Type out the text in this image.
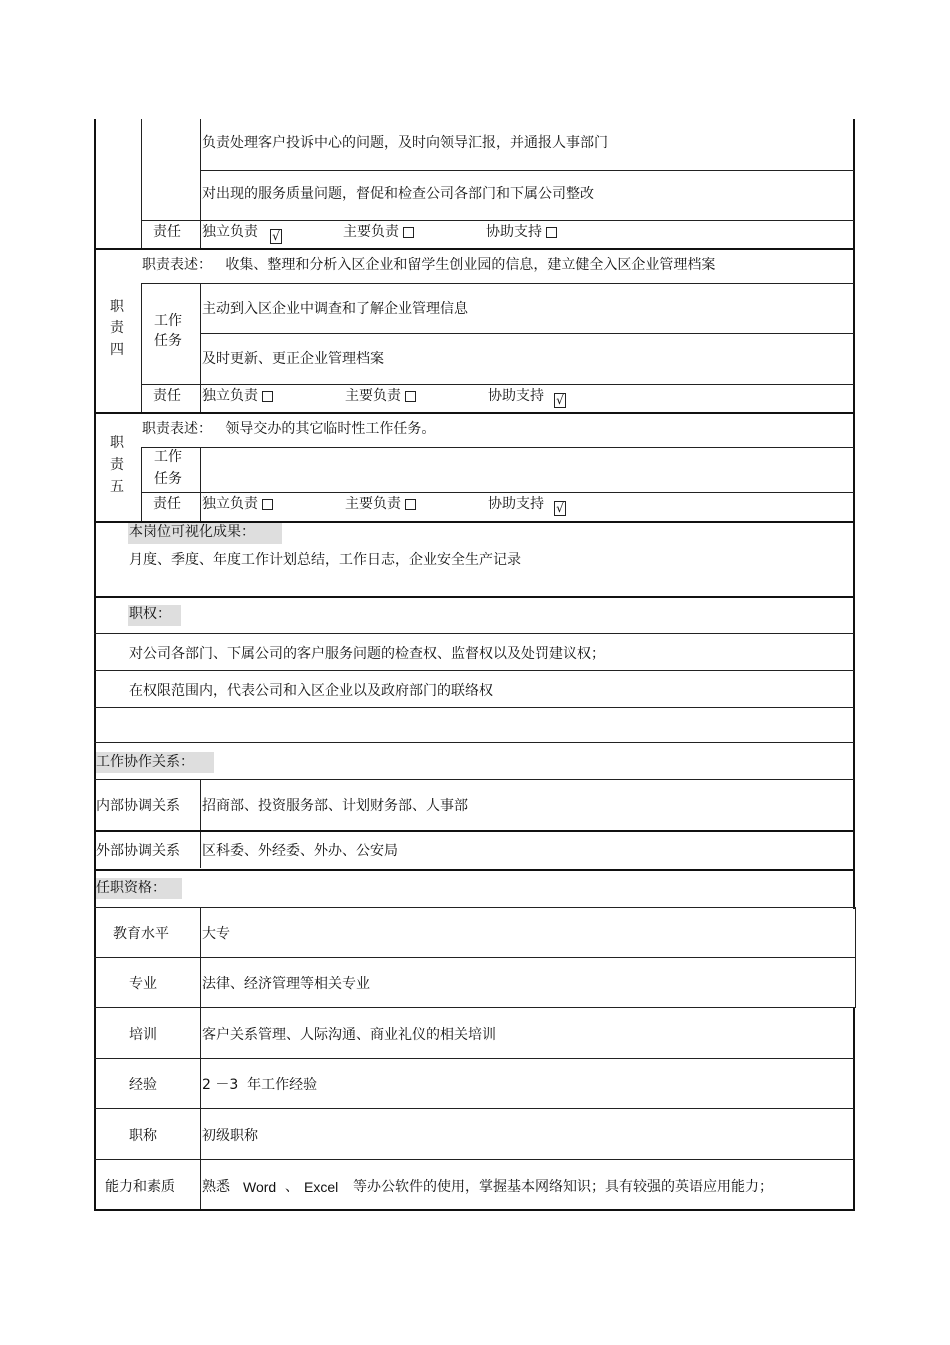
负责处理客户投诉中心的问题，及时向领导汇报，并通报人事部门
对出现的服务质量问题，督促和检查公司各部门和下属公司整改
责任 独立负责 √	主要负责	协助支持
职
责
四
职责表述：   收集、整理和分析入区企业和留学生创业园的信息，建立健全入区企业管理档案
工作
任务
主动到入区企业中调查和了解企业管理信息
及时更新、更正企业管理档案
责任 独立负责	主要负责	协助支持 √
职
责
五
职责表述：   领导交办的其它临时性工作任务。
工作
任务
责任 独立负责	主要负责	协助支持 √
本岗位可视化成果：
月度、季度、年度工作计划总结，工作日志，企业安全生产记录
职权：
对公司各部门、下属公司的客户服务问题的检查权、监督权以及处罚建议权；
在权限范围内，代表公司和入区企业以及政府部门的联络权
工作协作关系：
内部协调关系 招商部、投资服务部、计划财务部、人事部
外部协调关系 区科委、外经委、外办、公安局
任职资格：
教育水平 大专
专业	法律、经济管理等相关专业
培训	客户关系管理、人际沟通、商业礼仪的相关培训
经验	2 －3  年工作经验
职称	初级职称
能力和素质 熟悉 Word 、 Excel 等办公软件的使用，掌握基本网络知识；具有较强的英语应用能力；
